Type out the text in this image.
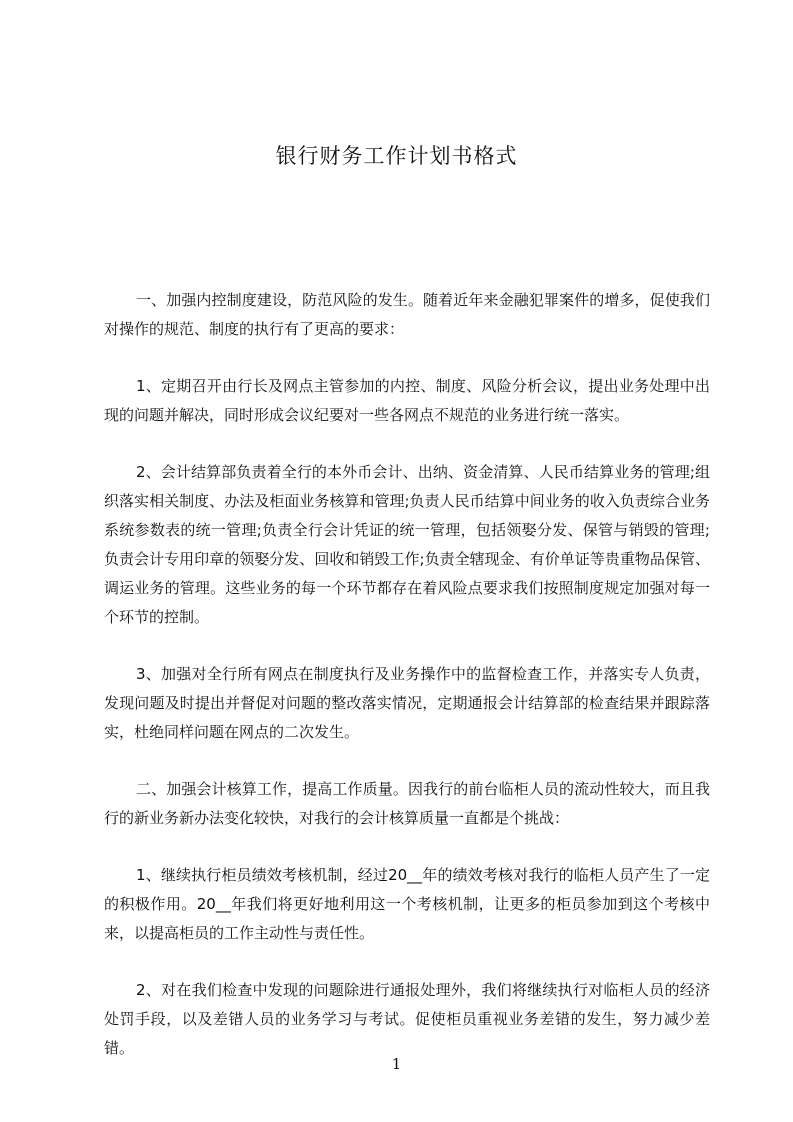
银行财务工作计划书格式

一、加强内控制度建设，防范风险的发生。随着近年来金融犯罪案件的增多，促使我们对操作的规范、制度的执行有了更高的要求：

1、定期召开由行长及网点主管参加的内控、制度、风险分析会议，提出业务处理中出现的问题并解决，同时形成会议纪要对一些各网点不规范的业务进行统一落实。

2、会计结算部负责着全行的本外币会计、出纳、资金清算、人民币结算业务的管理;组织落实相关制度、办法及柜面业务核算和管理;负责人民币结算中间业务的收入负责综合业务系统参数表的统一管理;负责全行会计凭证的统一管理，包括领娶分发、保管与销毁的管理;负责会计专用印章的领娶分发、回收和销毁工作;负责全辖现金、有价单证等贵重物品保管、调运业务的管理。这些业务的每一个环节都存在着风险点要求我们按照制度规定加强对每一个环节的控制。

3、加强对全行所有网点在制度执行及业务操作中的监督检查工作，并落实专人负责，发现问题及时提出并督促对问题的整改落实情况，定期通报会计结算部的检查结果并跟踪落实，杜绝同样问题在网点的二次发生。

二、加强会计核算工作，提高工作质量。因我行的前台临柜人员的流动性较大，而且我行的新业务新办法变化较快，对我行的会计核算质量一直都是个挑战：

1、继续执行柜员绩效考核机制，经过20__年的绩效考核对我行的临柜人员产生了一定的积极作用。20__年我们将更好地利用这一个考核机制，让更多的柜员参加到这个考核中来，以提高柜员的工作主动性与责任性。

2、对在我们检查中发现的问题除进行通报处理外，我们将继续执行对临柜人员的经济处罚手段，以及差错人员的业务学习与考试。促使柜员重视业务差错的发生，努力减少差错。

1
